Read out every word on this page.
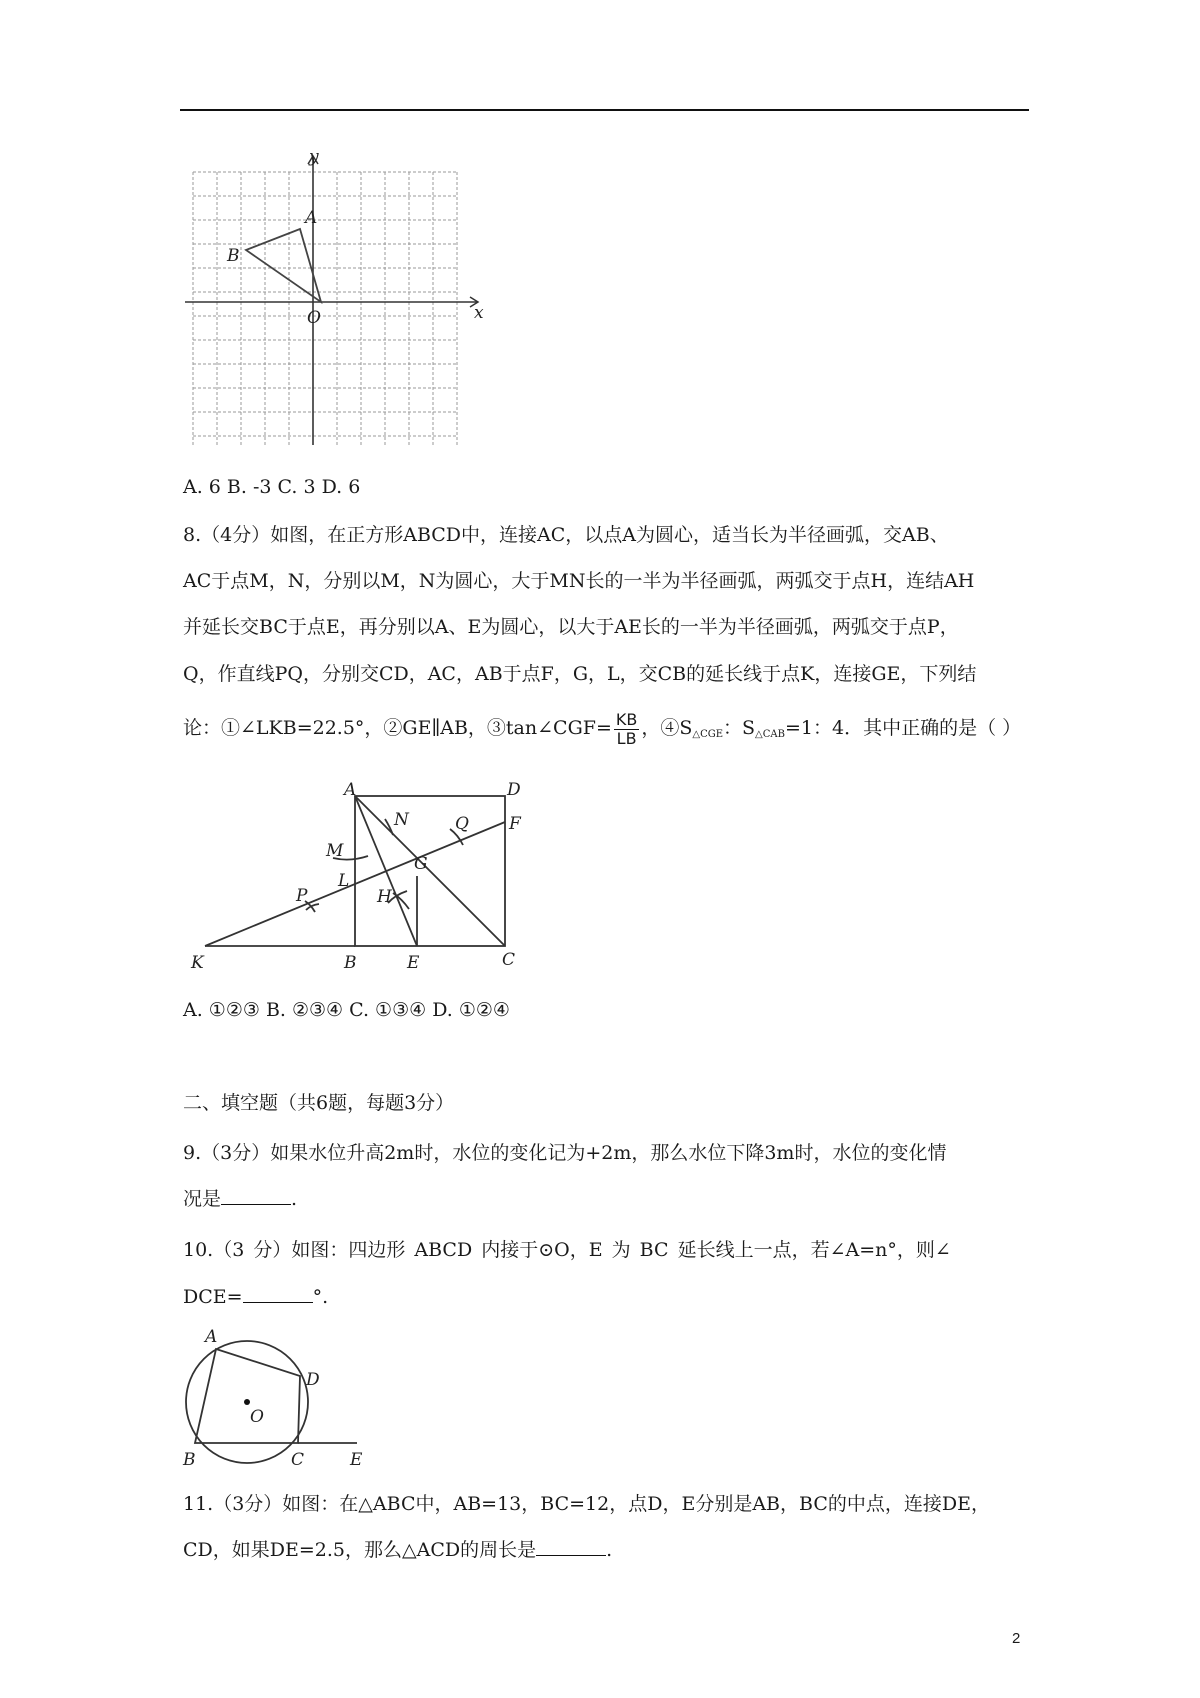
y
x
A
B
O
A. 6 B. -3 C. 3 D. 6
8.（4分）如图，在正方形ABCD中，连接AC，以点A为圆心，适当长为半径画弧，交AB、
AC于点M，N，分别以M，N为圆心，大于MN长的一半为半径画弧，两弧交于点H，连结AH
并延长交BC于点E，再分别以A、E为圆心，以大于AE长的一半为半径画弧，两弧交于点P，
Q，作直线PQ，分别交CD，AC，AB于点F，G，L，交CB的延长线于点K，连接GE，下列结
论：①∠LKB=22.5°，②GE∥AB，③tan∠CGF= $\frac{KB}{LB}$ ，$④S_{\triangle CGE}$：$S_{\triangle CAB}=1$：4．其中正确的是（ ）
A	D
N	Q F
M
G
L
P	H
K	B	E	C
A. ①②③ B. ②③④ C. ①③④ D. ①②④
二、填空题（共6题，每题3分）
9.（3分）如果水位升高2m时，水位的变化记为+2m，那么水位下降3m时，水位的变化情
况是	.
10.（3 分）如图：四边形 ABCD 内接于⊙O，E 为 BC 延长线上一点，若∠A=n°，则∠
DCE=	°.
A
D
O
B	C	E
11.（3分）如图：在△ABC中，AB=13，BC=12，点D，E分别是AB，BC的中点，连接DE，
CD，如果DE=2.5，那么△ACD的周长是	.
2
